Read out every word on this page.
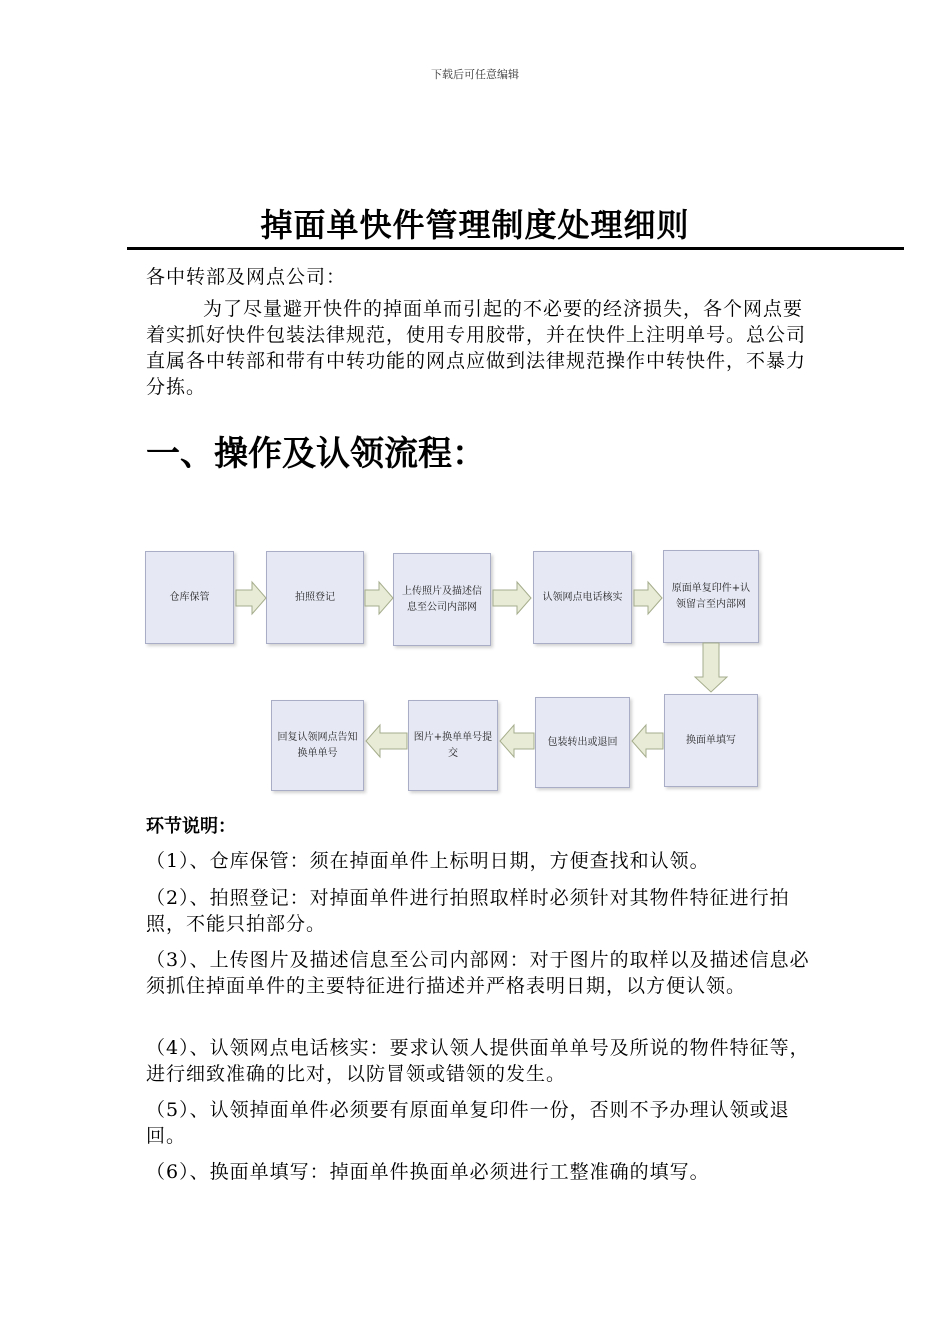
下载后可任意编辑
掉面单快件管理制度处理细则
各中转部及网点公司：
为了尽量避开快件的掉面单而引起的不必要的经济损失，各个网点要着实抓好快件包装法律规范，使用专用胶带，并在快件上注明单号。总公司直属各中转部和带有中转功能的网点应做到法律规范操作中转快件，不暴力分拣。
一、操作及认领流程：
仓库保管	拍照登记
上传照片及描述信息至公司内部网
认领网点电话核实
原面单复印件+认领留言至内部网
换面单填写
包装转出或退回
图片+换单单号提交
回复认领网点告知换单单号
环节说明：
（1）、仓库保管：须在掉面单件上标明日期，方便查找和认领。
（2）、拍照登记：对掉面单件进行拍照取样时必须针对其物件特征进行拍照，不能只拍部分。
（3）、上传图片及描述信息至公司内部网：对于图片的取样以及描述信息必须抓住掉面单件的主要特征进行描述并严格表明日期，以方便认领。
（4）、认领网点电话核实：要求认领人提供面单单号及所说的物件特征等，进行细致准确的比对，以防冒领或错领的发生。
（5）、认领掉面单件必须要有原面单复印件一份，否则不予办理认领或退回。
（6）、换面单填写：掉面单件换面单必须进行工整准确的填写。
